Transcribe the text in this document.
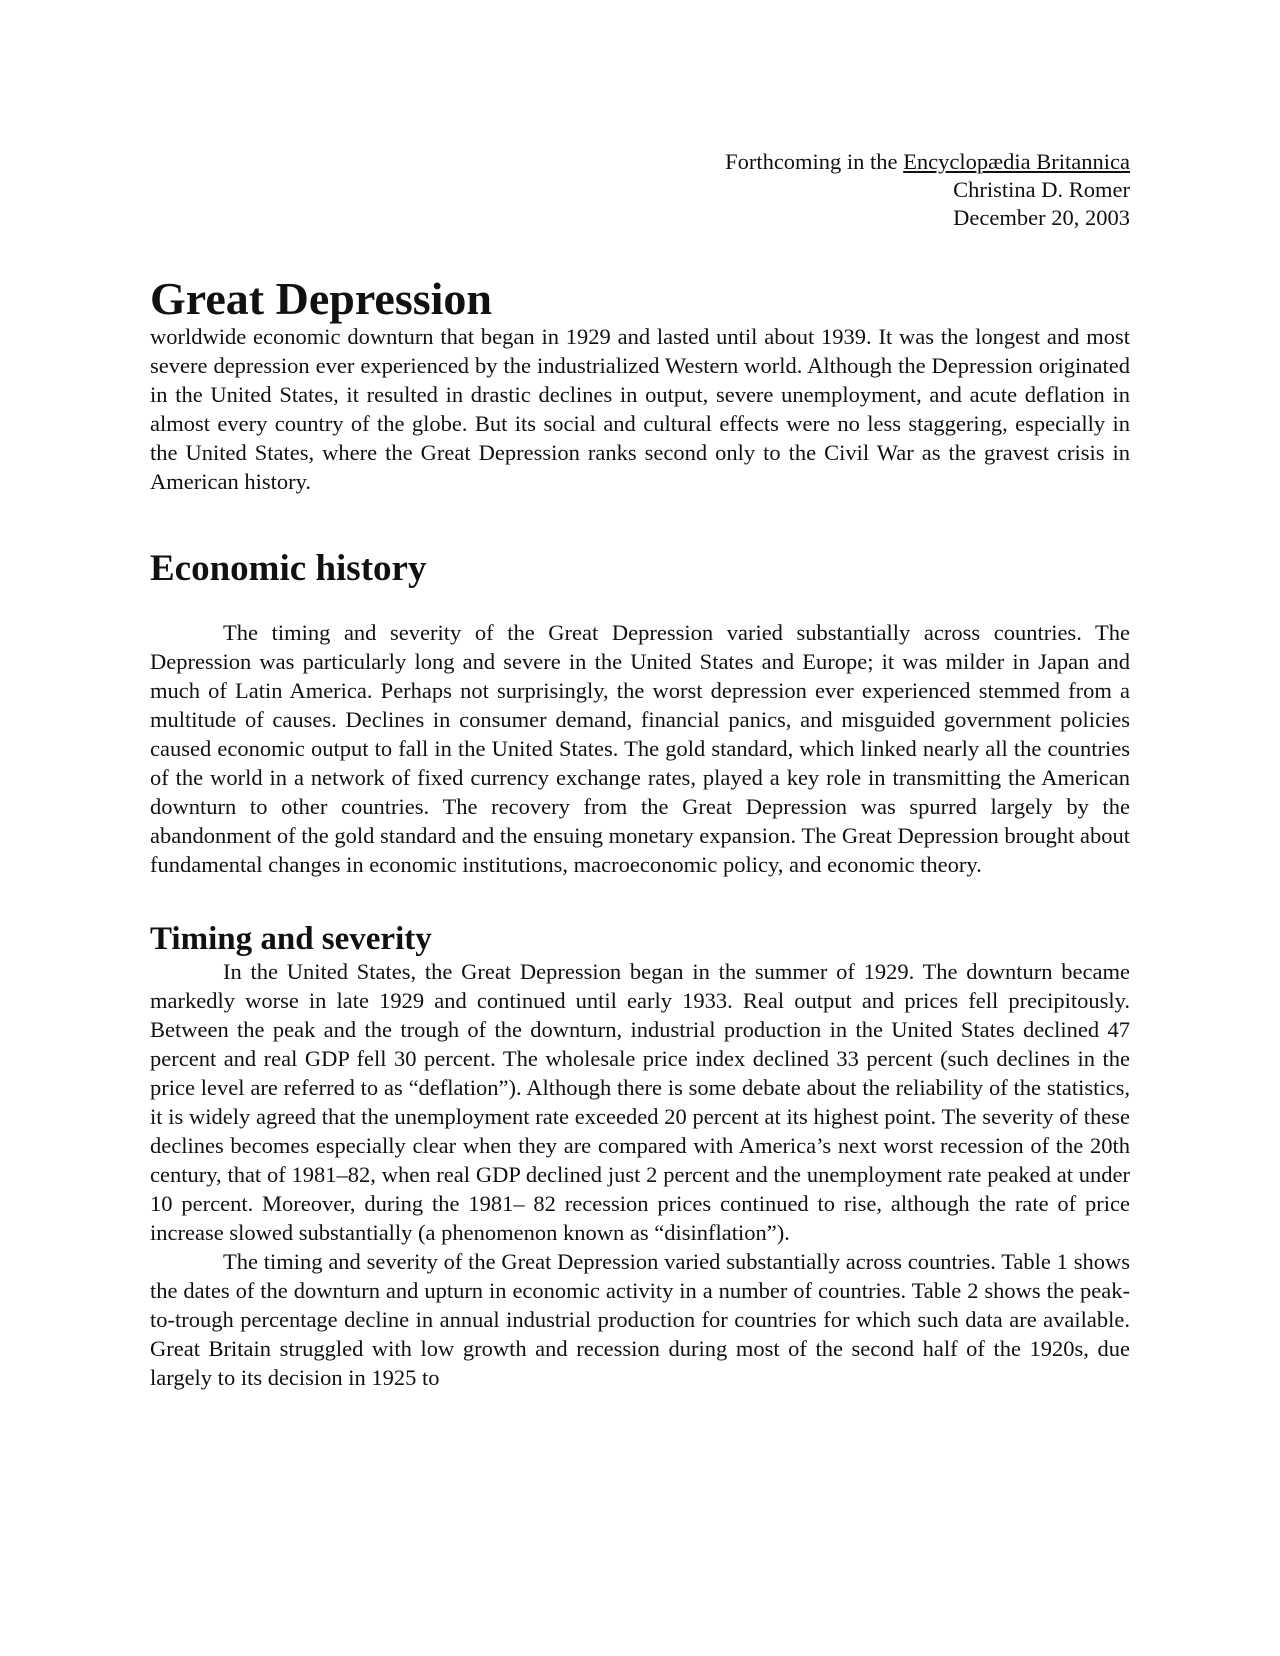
Forthcoming in the Encyclopædia Britannica
Christina D. Romer
December 20, 2003
Great Depression

worldwide economic downturn that began in 1929 and lasted until about 1939. It was the longest and most severe depression ever experienced by the industrialized Western world. Although the Depression originated in the United States, it resulted in drastic declines in output, severe unemployment, and acute deflation in almost every country of the globe. But its social and cultural effects were no less staggering, especially in the United States, where the Great Depression ranks second only to the Civil War as the gravest crisis in American history.

Economic history

The timing and severity of the Great Depression varied substantially across countries. The Depression was particularly long and severe in the United States and Europe; it was milder in Japan and much of Latin America. Perhaps not surprisingly, the worst depression ever experienced stemmed from a multitude of causes. Declines in consumer demand, financial panics, and misguided government policies caused economic output to fall in the United States. The gold standard, which linked nearly all the countries of the world in a network of fixed currency exchange rates, played a key role in transmitting the American downturn to other countries. The recovery from the Great Depression was spurred largely by the abandonment of the gold standard and the ensuing monetary expansion. The Great Depression brought about fundamental changes in economic institutions, macroeconomic policy, and economic theory.

Timing and severity

In the United States, the Great Depression began in the summer of 1929. The downturn became markedly worse in late 1929 and continued until early 1933. Real output and prices fell precipitously. Between the peak and the trough of the downturn, industrial production in the United States declined 47 percent and real GDP fell 30 percent. The wholesale price index declined 33 percent (such declines in the price level are referred to as “deflation”). Although there is some debate about the reliability of the statistics, it is widely agreed that the unemployment rate exceeded 20 percent at its highest point. The severity of these declines becomes especially clear when they are compared with America’s next worst recession of the 20th century, that of 1981–82, when real GDP declined just 2 percent and the unemployment rate peaked at under 10 percent. Moreover, during the 1981– 82 recession prices continued to rise, although the rate of price increase slowed substantially (a phenomenon known as “disinflation”).

The timing and severity of the Great Depression varied substantially across countries. Table 1 shows the dates of the downturn and upturn in economic activity in a number of countries. Table 2 shows the peak-to-trough percentage decline in annual industrial production for countries for which such data are available. Great Britain struggled with low growth and recession during most of the second half of the 1920s, due largely to its decision in 1925 to
